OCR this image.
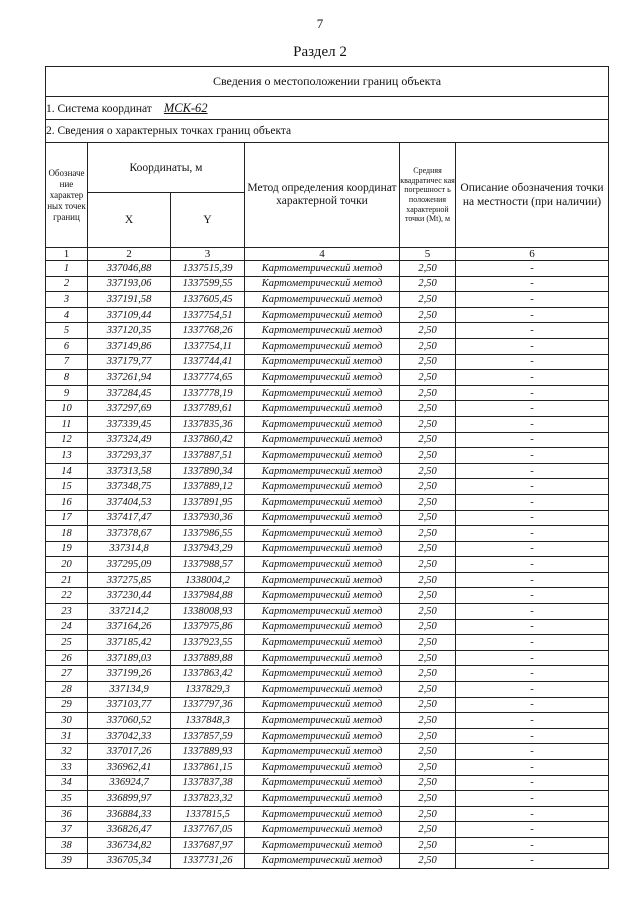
7
Раздел 2
Сведения о местоположении границ объекта					
1. Система координат МСК-62					
2. Сведения о характерных точках границ объекта					
Обозначе ние характер ных точек границ	Координаты, м		Метод определения координат характерной точки	Средняя квадратичес кая погрешност ь положения характерной точки (Mt), м	Описание обозначения точки на местности (при наличии)
	X	Y			
1	2	3	4	5	6
1	337046,88	1337515,39	Картометрический метод	2,50	-
2	337193,06	1337599,55	Картометрический метод	2,50	-
3	337191,58	1337605,45	Картометрический метод	2,50	-
4	337109,44	1337754,51	Картометрический метод	2,50	-
5	337120,35	1337768,26	Картометрический метод	2,50	-
6	337149,86	1337754,11	Картометрический метод	2,50	-
7	337179,77	1337744,41	Картометрический метод	2,50	-
8	337261,94	1337774,65	Картометрический метод	2,50	-
9	337284,45	1337778,19	Картометрический метод	2,50	-
10	337297,69	1337789,61	Картометрический метод	2,50	-
11	337339,45	1337835,36	Картометрический метод	2,50	-
12	337324,49	1337860,42	Картометрический метод	2,50	-
13	337293,37	1337887,51	Картометрический метод	2,50	-
14	337313,58	1337890,34	Картометрический метод	2,50	-
15	337348,75	1337889,12	Картометрический метод	2,50	-
16	337404,53	1337891,95	Картометрический метод	2,50	-
17	337417,47	1337930,36	Картометрический метод	2,50	-
18	337378,67	1337986,55	Картометрический метод	2,50	-
19	337314,8	1337943,29	Картометрический метод	2,50	-
20	337295,09	1337988,57	Картометрический метод	2,50	-
21	337275,85	1338004,2	Картометрический метод	2,50	-
22	337230,44	1337984,88	Картометрический метод	2,50	-
23	337214,2	1338008,93	Картометрический метод	2,50	-
24	337164,26	1337975,86	Картометрический метод	2,50	-
25	337185,42	1337923,55	Картометрический метод	2,50	-
26	337189,03	1337889,88	Картометрический метод	2,50	-
27	337199,26	1337863,42	Картометрический метод	2,50	-
28	337134,9	1337829,3	Картометрический метод	2,50	-
29	337103,77	1337797,36	Картометрический метод	2,50	-
30	337060,52	1337848,3	Картометрический метод	2,50	-
31	337042,33	1337857,59	Картометрический метод	2,50	-
32	337017,26	1337889,93	Картометрический метод	2,50	-
33	336962,41	1337861,15	Картометрический метод	2,50	-
34	336924,7	1337837,38	Картометрический метод	2,50	-
35	336899,97	1337823,32	Картометрический метод	2,50	-
36	336884,33	1337815,5	Картометрический метод	2,50	-
37	336826,47	1337767,05	Картометрический метод	2,50	-
38	336734,82	1337687,97	Картометрический метод	2,50	-
39	336705,34	1337731,26	Картометрический метод	2,50	-
